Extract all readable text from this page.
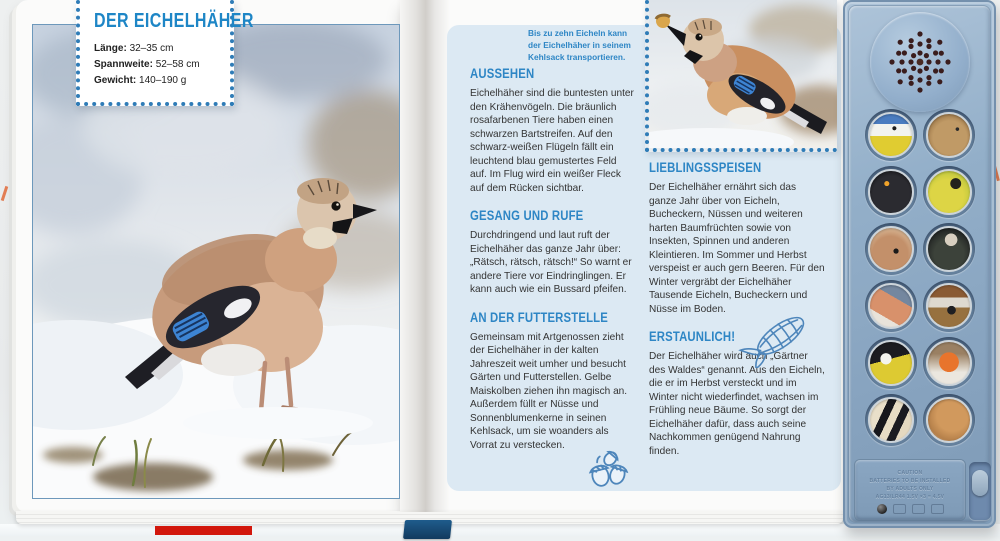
DER EICHELHÄHER
Länge: 32–35 cm
Spannweite: 52–58 cm
Gewicht: 140–190 g
Bis zu zehn Eicheln kann der Eichelhäher in seinem Kehlsack transportieren.
AUSSEHEN

Eichelhäher sind die buntesten unter den Krähenvögeln. Die bräunlich rosafarbenen Tiere haben einen schwarzen Bartstreifen. Auf den schwarz-weißen Flügeln fällt ein leuchtend blau gemustertes Feld auf. Im Flug wird ein weißer Fleck auf dem Rücken sichtbar.

GESANG UND RUFE

Durchdringend und laut ruft der Eichelhäher das ganze Jahr über: „Rätsch, rätsch, rätsch!“ So warnt er andere Tiere vor Eindringlingen. Er kann auch wie ein Bussard pfeifen.

AN DER FUTTERSTELLE

Gemeinsam mit Artgenossen zieht der Eichelhäher in der kalten Jahreszeit weit umher und besucht Gärten und Futterstellen. Gelbe Maiskolben ziehen ihn magisch an. Außerdem füllt er Nüsse und Sonnenblumenkerne in seinen Kehlsack, um sie woanders als Vorrat zu verstecken.

LIEBLINGSSPEISEN

Der Eichelhäher ernährt sich das ganze Jahr über von Eicheln, Bucheckern, Nüssen und weiteren harten Baumfrüchten sowie von Insekten, Spinnen und anderen Kleintieren. Im Sommer und Herbst verspeist er auch gern Beeren. Für den Winter vergräbt der Eichelhäher Tausende Eicheln, Bucheckern und Nüsse im Boden.

ERSTAUNLICH!

Der Eichelhäher wird auch „Gärtner des Waldes“ genannt. Aus den Eicheln, die er im Herbst versteckt und im Winter nicht wiederfindet, wachsen im Frühling neue Bäume. So sorgt der Eichelhäher dafür, dass auch seine Nachkommen genügend Nahrung finden.

CAUTION
BATTERIES TO BE INSTALLED
BY ADULTS ONLY
AG13/LR44 1.5V ×3 = 4.5V
